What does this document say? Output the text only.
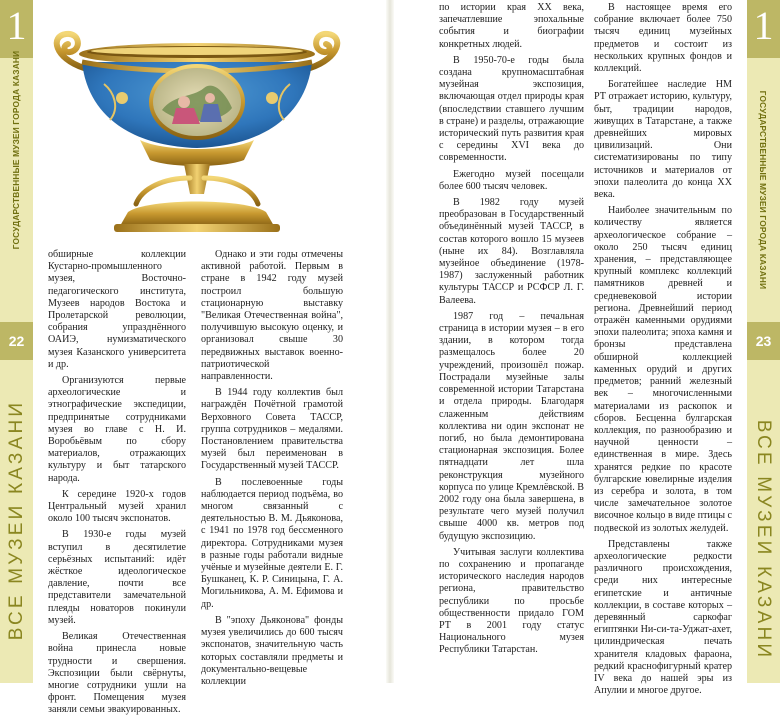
1
ГОСУДАРСТВЕННЫЕ МУЗЕИ ГОРОДА КАЗАНИ
22
ВСЕ МУЗЕИ КАЗАНИ
1
ГОСУДАРСТВЕННЫЕ МУЗЕИ ГОРОДА КАЗАНИ
23
ВСЕ МУЗЕИ КАЗАНИ

обширные коллекции Кустарно-промышленного музея, Восточно-педагогического института, Музеев народов Востока и Пролетарской революции, собрания упразднённого ОАИЭ, нумизматического музея Казанского университета и др.

Организуются первые археологические и этнографические экспедиции, предпринятые сотрудниками музея во главе с Н. И. Воробьёвым по сбору материалов, отражающих культуру и быт татарского народа.

К середине 1920-х годов Центральный музей хранил около 100 тысяч экспонатов.

В 1930-е годы музей вступил в десятилетие серьёзных испытаний: идёт жёсткое идеологическое давление, почти все представители замечательной плеяды новаторов покинули музей.

Великая Отечественная война принесла новые трудности и свершения. Экспозиции были свёрнуты, многие сотрудники ушли на фронт. Помещения музея заняли семьи эвакуированных.

Однако и эти годы отмечены активной работой. Первым в стране в 1942 году музей построил большую стационарную выставку "Великая Отечественная война", получившую высокую оценку, и организовал свыше 30 передвижных выставок военно-патриотической направленности.

В 1944 году коллектив был награждён Почётной грамотой Верховного Совета ТАССР, группа сотрудников – медалями. Постановлением правительства музей был переименован в Государственный музей ТАССР.

В послевоенные годы наблюдается период подъёма, во многом связанный с деятельностью В. М. Дьяконова, с 1941 по 1978 год бессменного директора. Сотрудниками музея в разные годы работали видные учёные и музейные деятели Е. Г. Бушканец, К. Р. Синицына, Г. А. Могильникова, А. М. Ефимова и др.

В "эпоху Дьяконова" фонды музея увеличились до 600 тысяч экспонатов, значительную часть которых составляли предметы и документально-вещевые коллекции

по истории края XX века, запечатлевшие эпохальные события и биографии конкретных людей.

В 1950-70-е годы была создана крупномасштабная музейная экспозиция, включающая отдел природы края (впоследствии ставшего лучшим в стране) и разделы, отражающие исторический путь развития края с середины XVI века до современности.

Ежегодно музей посещали более 600 тысяч человек.

В 1982 году музей преобразован в Государственный объединённый музей ТАССР, в состав которого вошло 15 музеев (ныне их 84). Возглавляла музейное объединение (1978-1987) заслуженный работник культуры ТАССР и РСФСР Л. Г. Валеева.

1987 год – печальная страница в истории музея – в его здании, в котором тогда размещалось более 20 учреждений, произошёл пожар. Пострадали музейные залы современной истории Татарстана и отдела природы. Благодаря слаженным действиям коллектива ни один экспонат не погиб, но была демонтирована стационарная экспозиция. Более пятнадцати лет шла реконструкция музейного корпуса по улице Кремлёвской. В 2002 году она была завершена, в результате чего музей получил свыше 4000 кв. метров под будущую экспозицию.

Учитывая заслуги коллектива по сохранению и пропаганде исторического наследия народов региона, правительство республики по просьбе общественности придало ГОМ РТ в 2001 году статус Национального музея Республики Татарстан.

В настоящее время его собрание включает более 750 тысяч единиц музейных предметов и состоит из нескольких крупных фондов и коллекций.

Богатейшее наследие НМ РТ отражает историю, культуру, быт, традиции народов, живущих в Татарстане, а также древнейших мировых цивилизаций. Они систематизированы по типу источников и материалов от эпохи палеолита до конца XX века.

Наиболее значительным по количеству является археологическое собрание – около 250 тысяч единиц хранения, – представляющее крупный комплекс коллекций памятников древней и средневековой истории региона. Древнейший период отражён каменными орудиями эпохи палеолита; эпоха камня и бронзы представлена обширной коллекцией каменных орудий и других предметов; ранний железный век – многочисленными материалами из раскопок и сборов. Бесценна булгарская коллекция, по разнообразию и научной ценности – единственная в мире. Здесь хранятся редкие по красоте булгарские ювелирные изделия из серебра и золота, в том числе замечательное золотое височное кольцо в виде птицы с подвеской из золотых желудей.

Представлены также археологические редкости различного происхождения, среди них интересные египетские и античные коллекции, в составе которых – деревянный саркофаг египтянки Ни-си-та-Уджат-ахет, цилиндрическая печать хранителя кладовых фараона, редкий краснофигурный кратер IV века до нашей эры из Апулии и многое другое.
